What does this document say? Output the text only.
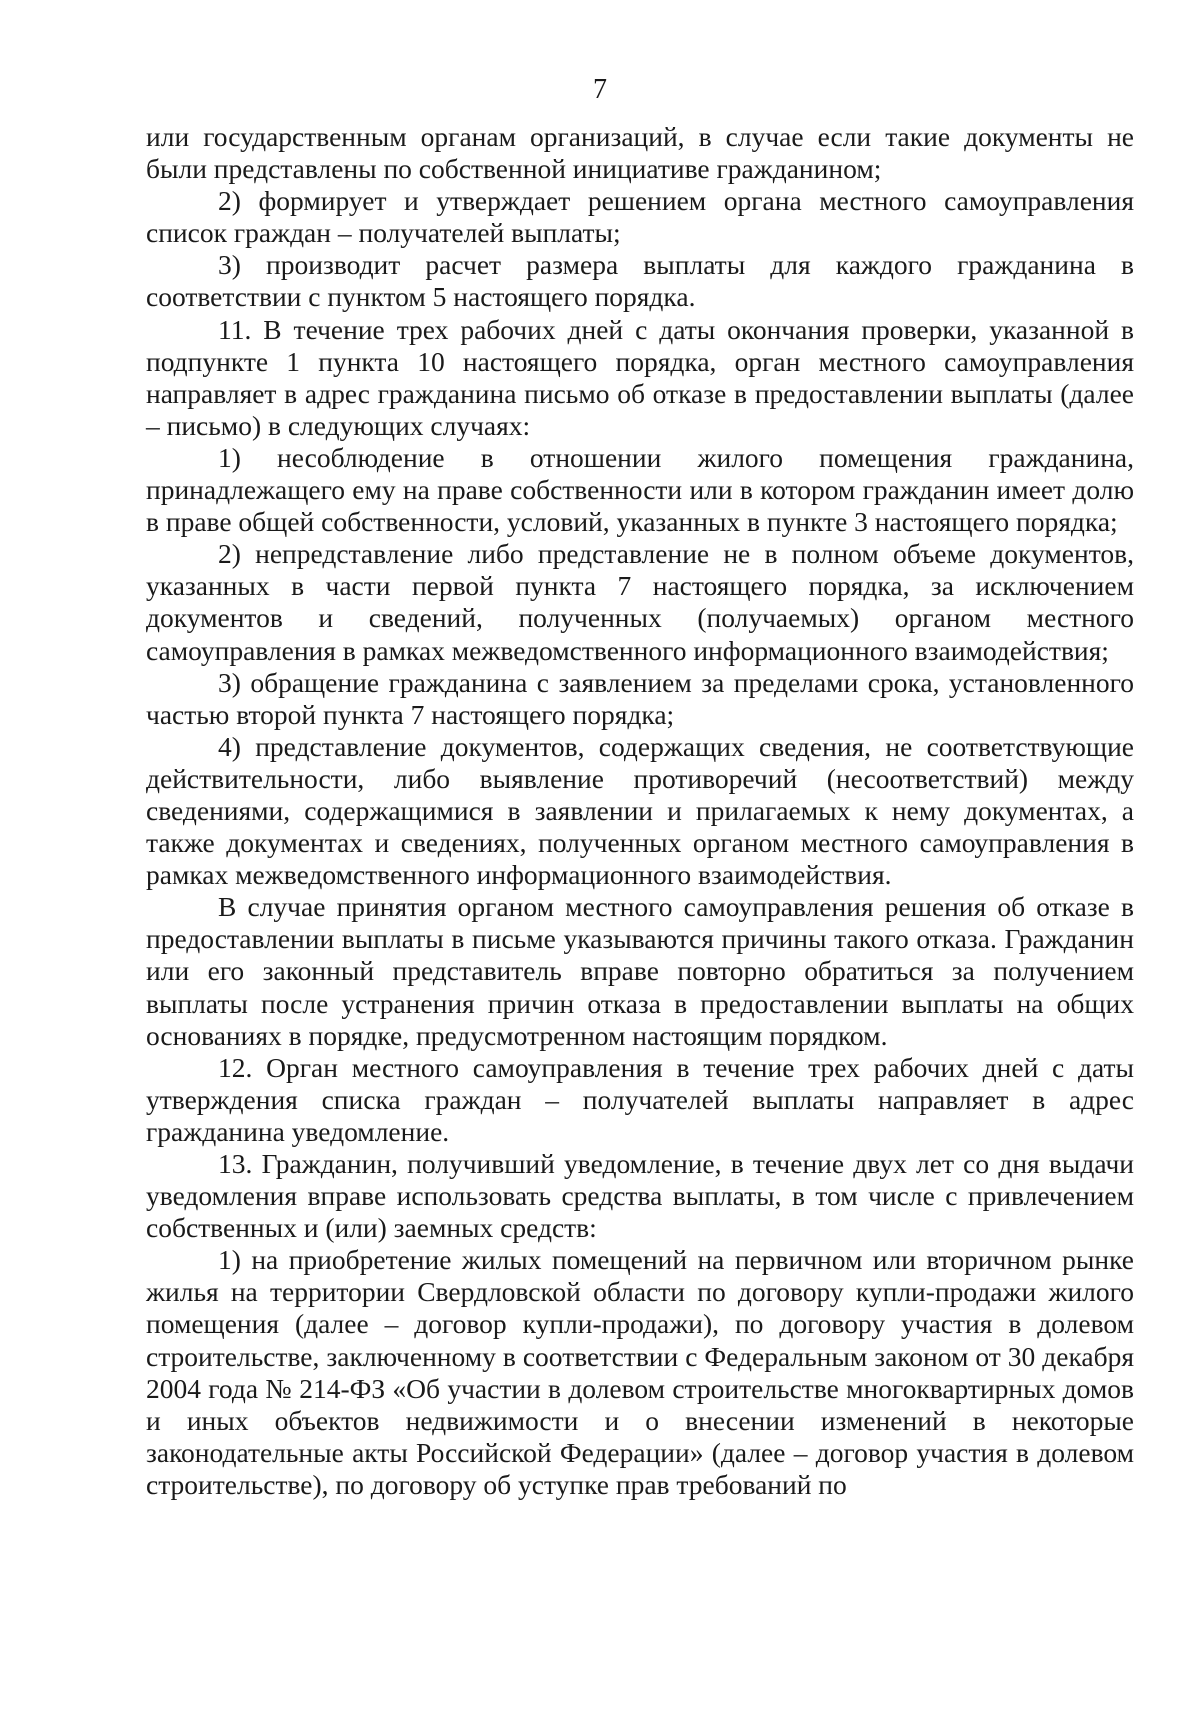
7

или государственным органам организаций, в случае если такие документы не были представлены по собственной инициативе гражданином;

2) формирует и утверждает решением органа местного самоуправления список граждан – получателей выплаты;

3) производит расчет размера выплаты для каждого гражданина в соответствии с пунктом 5 настоящего порядка.

11. В течение трех рабочих дней с даты окончания проверки, указанной в подпункте 1 пункта 10 настоящего порядка, орган местного самоуправления направляет в адрес гражданина письмо об отказе в предоставлении выплаты (далее – письмо) в следующих случаях:

1) несоблюдение в отношении жилого помещения гражданина, принадлежащего ему на праве собственности или в котором гражданин имеет долю в праве общей собственности, условий, указанных в пункте 3 настоящего порядка;

2) непредставление либо представление не в полном объеме документов, указанных в части первой пункта 7 настоящего порядка, за исключением документов и сведений, полученных (получаемых) органом местного самоуправления в рамках межведомственного информационного взаимодействия;

3) обращение гражданина с заявлением за пределами срока, установленного частью второй пункта 7 настоящего порядка;

4) представление документов, содержащих сведения, не соответствующие действительности, либо выявление противоречий (несоответствий) между сведениями, содержащимися в заявлении и прилагаемых к нему документах, а также документах и сведениях, полученных органом местного самоуправления в рамках межведомственного информационного взаимодействия.

В случае принятия органом местного самоуправления решения об отказе в предоставлении выплаты в письме указываются причины такого отказа. Гражданин или его законный представитель вправе повторно обратиться за получением выплаты после устранения причин отказа в предоставлении выплаты на общих основаниях в порядке, предусмотренном настоящим порядком.

12. Орган местного самоуправления в течение трех рабочих дней с даты утверждения списка граждан – получателей выплаты направляет в адрес гражданина уведомление.

13. Гражданин, получивший уведомление, в течение двух лет со дня выдачи уведомления вправе использовать средства выплаты, в том числе с привлечением собственных и (или) заемных средств:

1) на приобретение жилых помещений на первичном или вторичном рынке жилья на территории Свердловской области по договору купли-продажи жилого помещения (далее – договор купли-продажи), по договору участия в долевом строительстве, заключенному в соответствии с Федеральным законом от 30 декабря 2004 года № 214-ФЗ «Об участии в долевом строительстве многоквартирных домов и иных объектов недвижимости и о внесении изменений в некоторые законодательные акты Российской Федерации» (далее – договор участия в долевом строительстве), по договору об уступке прав требований по
